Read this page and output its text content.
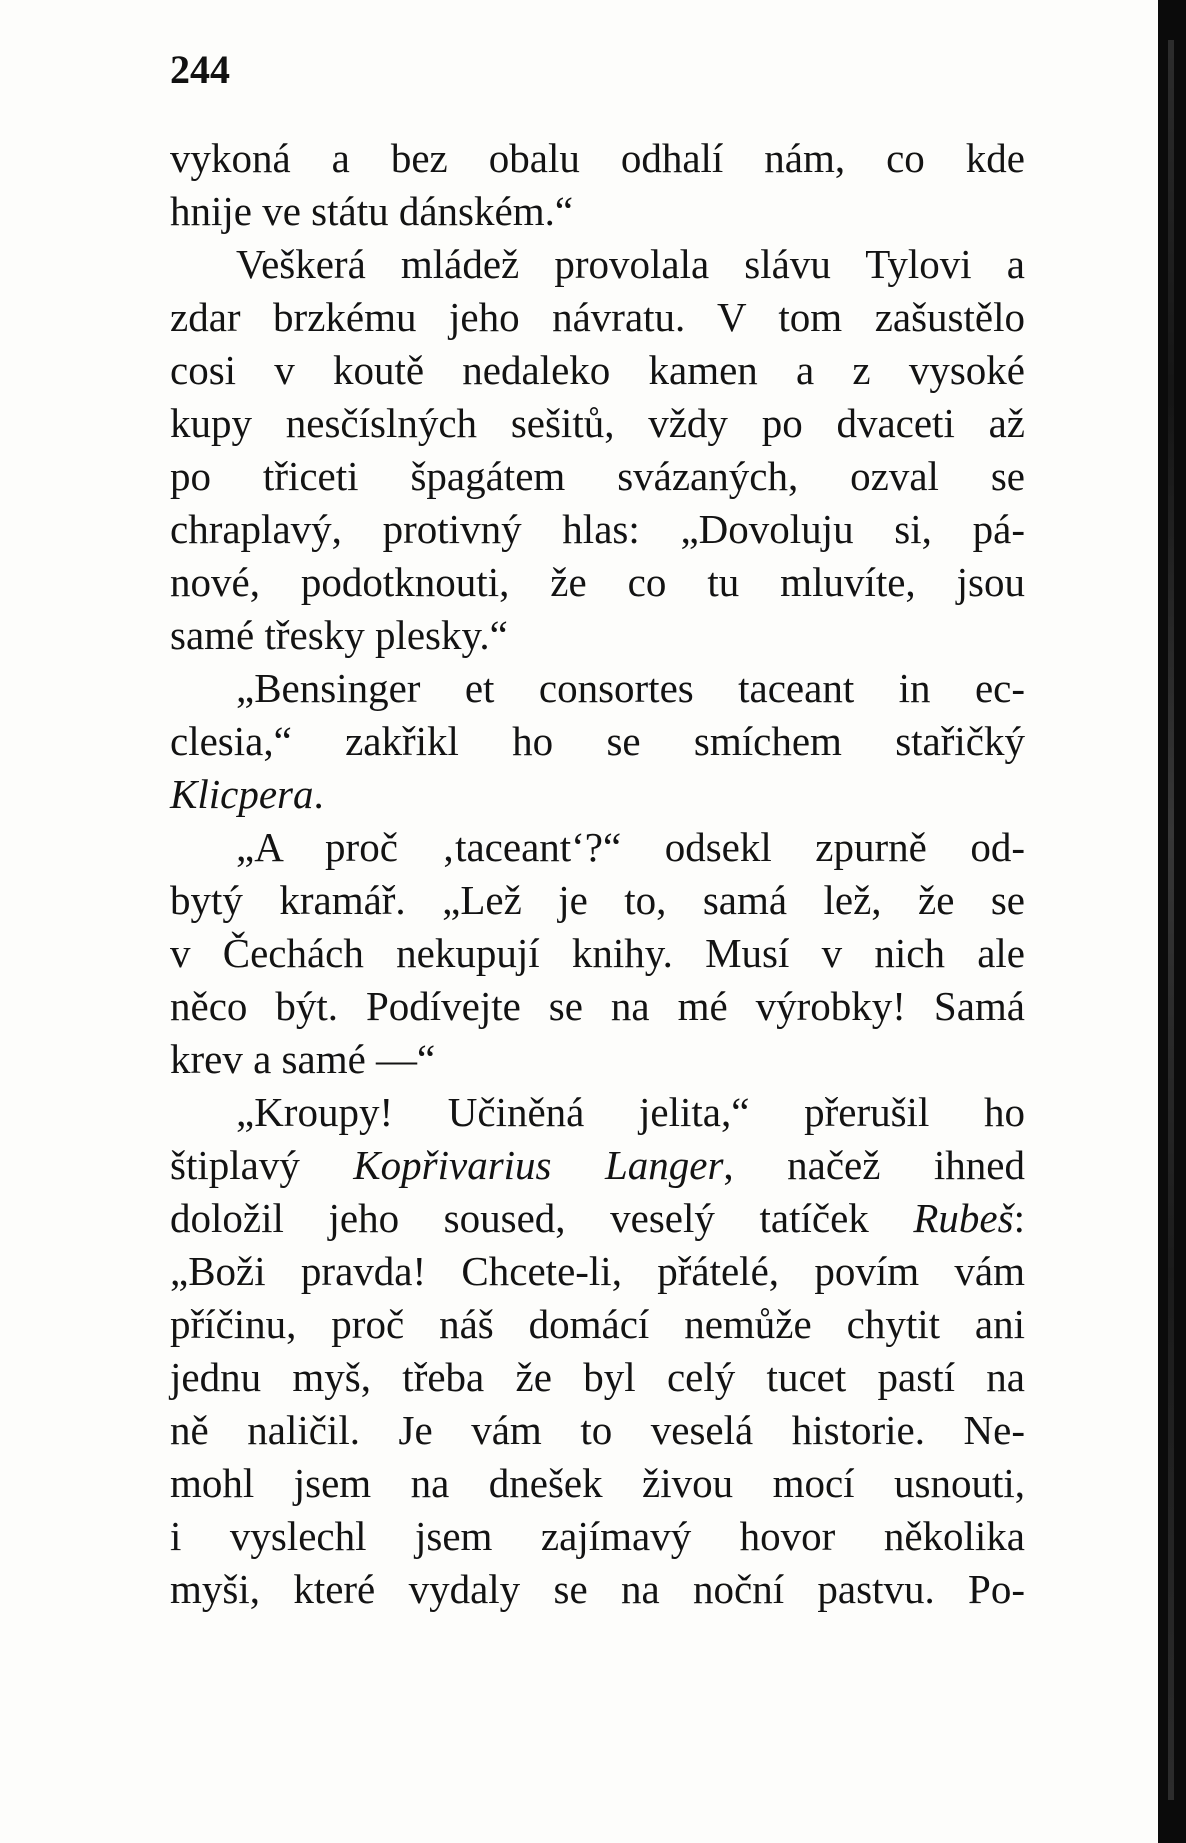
244

vykoná a bez obalu odhalí nám, co kde
hnije ve státu dánském.“
Veškerá mládež provolala slávu Tylovi a
zdar brzkému jeho návratu. V tom zašustělo
cosi v koutě nedaleko kamen a z vysoké
kupy nesčíslných sešitů, vždy po dvaceti až
po třiceti špagátem svázaných, ozval se
chraplavý, protivný hlas: „Dovoluju si, pá-
nové, podotknouti, že co tu mluvíte, jsou
samé třesky plesky.“
„Bensinger et consortes taceant in ec-
clesia,“ zakřikl ho se smíchem stařičký
Klicpera.
„A proč ‚taceant‘?“ odsekl zpurně od-
bytý kramář. „Lež je to, samá lež, že se
v Čechách nekupují knihy. Musí v nich ale
něco být. Podívejte se na mé výrobky! Samá
krev a samé —“
„Kroupy! Učiněná jelita,“ přerušil ho
štiplavý Kopřivarius Langer, načež ihned
doložil jeho soused, veselý tatíček Rubeš:
„Boži pravda! Chcete-li, přátelé, povím vám
příčinu, proč náš domácí nemůže chytit ani
jednu myš, třeba že byl celý tucet pastí na
ně naličil. Je vám to veselá historie. Ne-
mohl jsem na dnešek živou mocí usnouti,
i vyslechl jsem zajímavý hovor několika
myši, které vydaly se na noční pastvu. Po-
